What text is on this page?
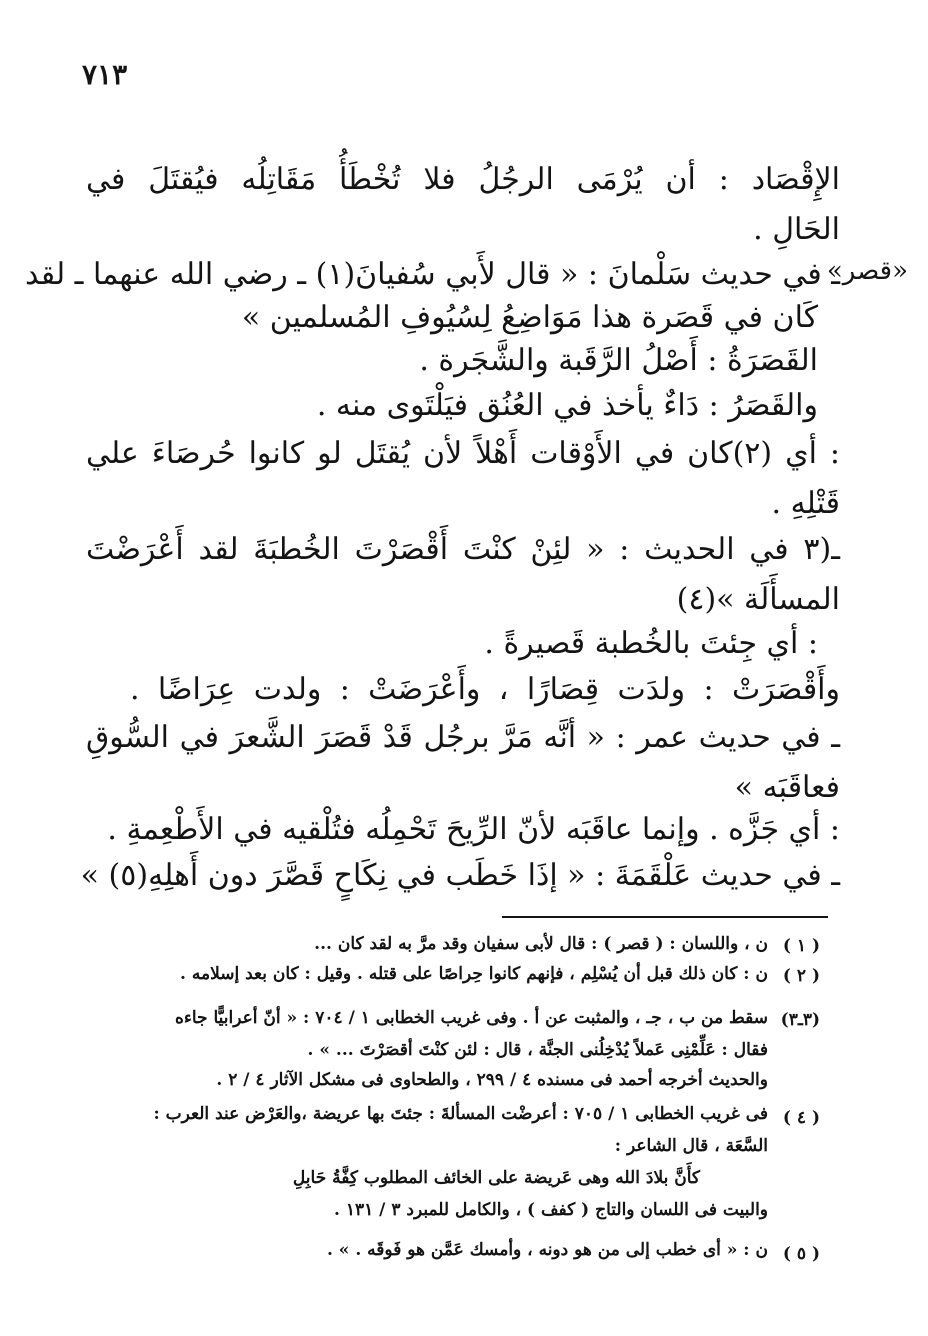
٧١٣
«قصر»
الإِقْصَاد : أن يُرْمَى الرجُلُ فلا تُخْطَأُ مَقَاتِلُه فيُقتَلَ في
الحَالِ .
ـ في حديث سَلْمانَ : « قال لأَبي سُفيانَ(١) ـ رضي الله عنهما ـ لقد
كَان في قَصَرة هذا مَوَاضِعُ لِسُيُوفِ المُسلمين »
القَصَرَةُ : أَصْلُ الرَّقَبة والشَّجَرة .
والقَصَرُ : دَاءٌ يأخذ في العُنُق فيَلْتَوى منه .
: أي (٢)كان في الأَوْقات أَهْلاً لأن يُقتَل لو كانوا حُرصَاءَ علي
قَتْلِهِ .
ـ(٣ في الحديث : « لئِنْ كنْتَ أَقْصَرْتَ الخُطبَةَ لقد أَعْرَضْتَ
المسأَلَة »(٤)
: أي جِئتَ بالخُطبة قَصيرةً .
وأَقْصَرَتْ : ولدَت قِصَارًا ، وأَعْرَضَتْ : ولدت عِرَاضًا .
ـ في حديث عمر : « أنَّه مَرَّ برجُل قَدْ قَصَرَ الشَّعرَ في السُّوقِ
فعاقَبَه »
: أي جَزَّه . وإنما عاقَبَه لأنّ الرِّيحَ تَحْمِلُه فتُلْقيه في الأَطْعِمةِ .
ـ في حديث عَلْقَمَةَ : « إذَا خَطَب في نِكَاحٍ قَصَّرَ دون أَهلِهِ(٥) »
( ١ )
ن ، واللسان : ( قصر ) : قال لأبى سفيان وقد مرَّ به لقد كان ...
( ٢ )
ن : كان ذلك قبل أن يُسْلِم ، فإنهم كانوا حِراصًا على قتله . وقيل : كان بعد إسلامه .
(٣ـ٣)
سقط من ب ، جـ ، والمثبت عن أ . وفى غريب الخطابى ١ / ٧٠٤ : « أنّ أعرابيًّا جاءه
فقال : عَلِّمْنِى عَملاً يُدْخِلُنى الجنَّة ، قال : لئن كنْتَ أقصَرْتَ ... » .
والحديث أخرجه أحمد فى مسنده ٤ / ٢٩٩ ، والطحاوى فى مشكل الآثار ٤ / ٢ .
( ٤ )
فى غريب الخطابى ١ / ٧٠٥ : أعرضْت المسألةَ : جئتَ بها عريضة ،والعَرْض عند العرب :
السَّعَة ، قال الشاعر :
كأَنَّ بلادَ الله وهى عَريضة على الخائف المطلوب كِفَّةُ حَابِلِ
والبيت فى اللسان والتاج ( كفف ) ، والكامل للمبرد ٣ / ١٣١ .
( ٥ )
ن : « أى خطب إلى من هو دونه ، وأمسك عَمَّن هو فَوقَه . » .
